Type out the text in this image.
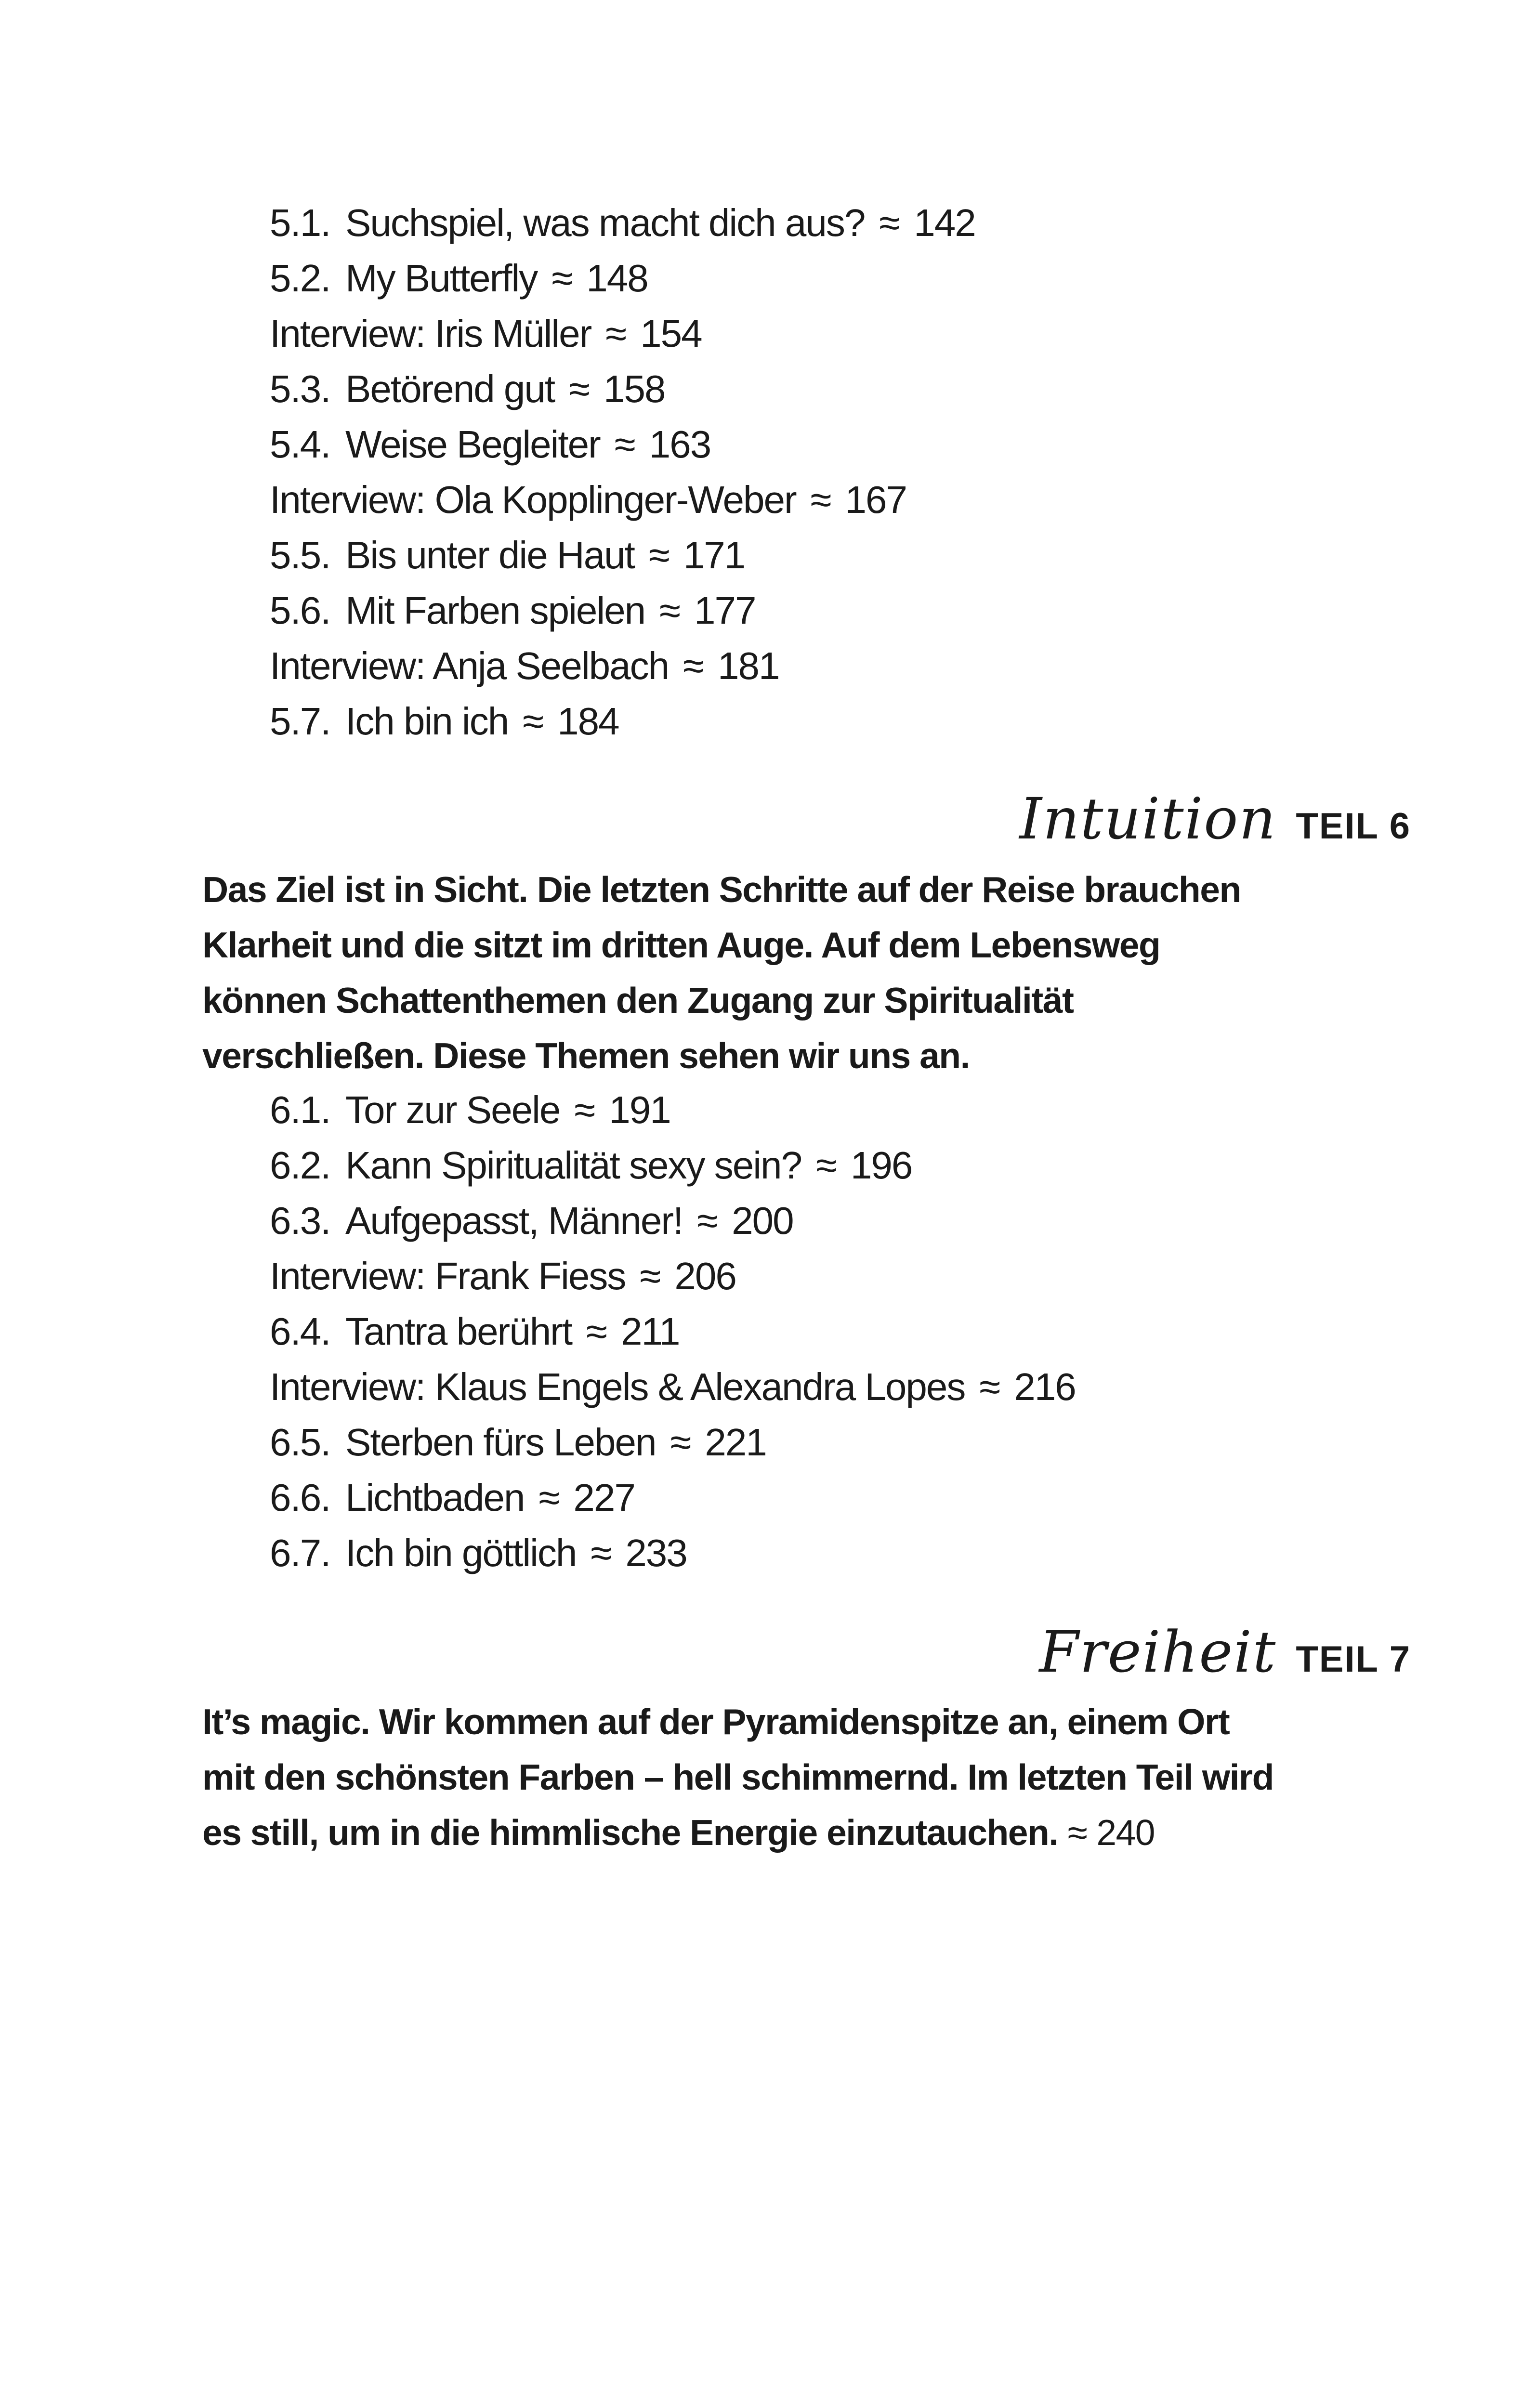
5.1. Suchspiel, was macht dich aus? ≈ 142
5.2. My Butterfly ≈ 148
Interview: Iris Müller ≈ 154
5.3. Betörend gut ≈ 158
5.4. Weise Begleiter ≈ 163
Interview: Ola Kopplinger-Weber ≈ 167
5.5. Bis unter die Haut ≈ 171
5.6. Mit Farben spielen ≈ 177
Interview: Anja Seelbach ≈ 181
5.7. Ich bin ich ≈ 184
Intuition TEIL 6

Das Ziel ist in Sicht. Die letzten Schritte auf der Reise brauchen Klarheit und die sitzt im dritten Auge. Auf dem Lebensweg können Schattenthemen den Zugang zur Spiritualität verschließen. Diese Themen sehen wir uns an.

6.1. Tor zur Seele ≈ 191
6.2. Kann Spiritualität sexy sein? ≈ 196
6.3. Aufgepasst, Männer! ≈ 200
Interview: Frank Fiess ≈ 206
6.4. Tantra berührt ≈ 211
Interview: Klaus Engels & Alexandra Lopes ≈ 216
6.5. Sterben fürs Leben ≈ 221
6.6. Lichtbaden ≈ 227
6.7. Ich bin göttlich ≈ 233
Freiheit TEIL 7

It’s magic. Wir kommen auf der Pyramidenspitze an, einem Ort mit den schönsten Farben – hell schimmernd. Im letzten Teil wird es still, um in die himmlische Energie einzutauchen. ≈ 240
